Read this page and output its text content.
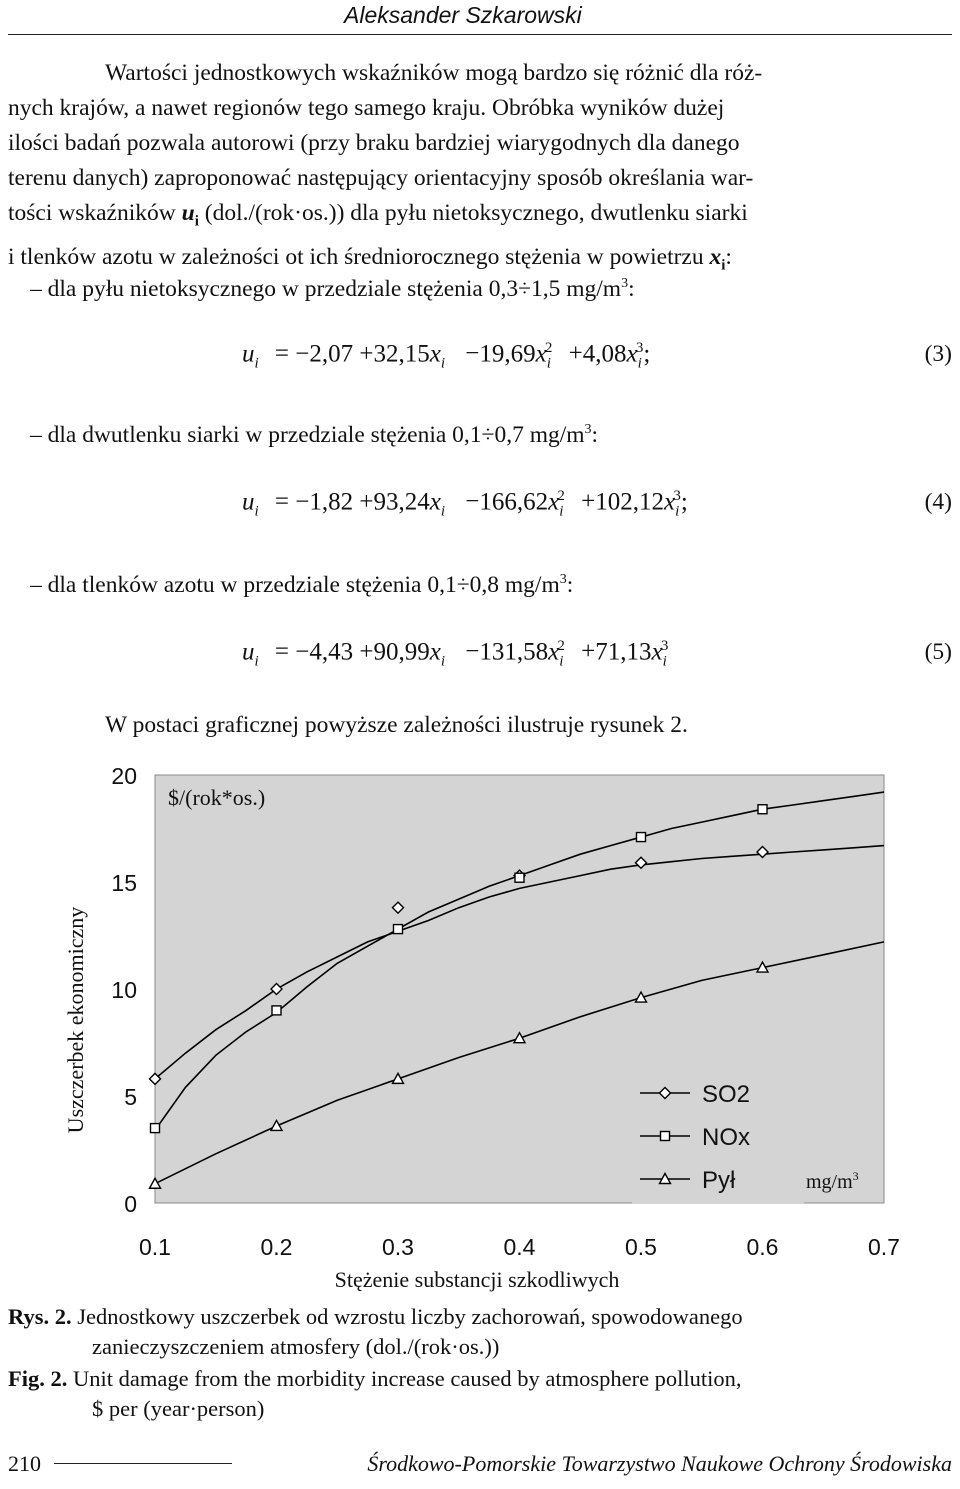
Aleksander Szkarowski
Wartości jednostkowych wskaźników mogą bardzo się różnić dla róż-
nych krajów, a nawet regionów tego samego kraju. Obróbka wyników dużej
ilości badań pozwala autorowi (przy braku bardziej wiarygodnych dla danego
terenu danych) zaproponować następujący orientacyjny sposób określania war-
tości wskaźników $u_i$ (dol./(rok·os.)) dla pyłu nietoksycznego, dwutlenku siarki
i tlenków azotu w zależności ot ich średniorocznego stężenia w powietrzu $x_i$:
– dla pyłu nietoksycznego w przedziale stężenia 0,3÷1,5 $mg/m^3$:
$u_i = -2,07 +32,15x_i -19,69x_i^2 +4,08x_i^3$;	(3)
– dla dwutlenku siarki w przedziale stężenia 0,1÷0,7 $mg/m^3$:
$u_i = -1,82 +93,24x_i -166,62x_i^2 +102,12x_i^3$;	(4)
– dla tlenków azotu w przedziale stężenia 0,1÷0,8 $mg/m^3$:
$u_i = -4,43 +90,99x_i -131,58x_i^2 +71,13x_i^3$	(5)
W postaci graficznej powyższe zależności ilustruje rysunek 2.
0
5
10
15
20
0.1	0.2	0.3	0.4	0.5	0.6	0.7
$/(rok*os.)
Uszczerbek ekonomiczny
Stężenie substancji szkodliwych
$mg/m^3$
SO2
NOx
Pył
Rys. 2. Jednostkowy uszczerbek od wzrostu liczby zachorowań, spowodowanego
zanieczyszczeniem atmosfery (dol./(rok·os.))
Fig. 2. Unit damage from the morbidity increase caused by atmosphere pollution,
$ per (year·person)
210	Środkowo-Pomorskie Towarzystwo Naukowe Ochrony Środowiska
